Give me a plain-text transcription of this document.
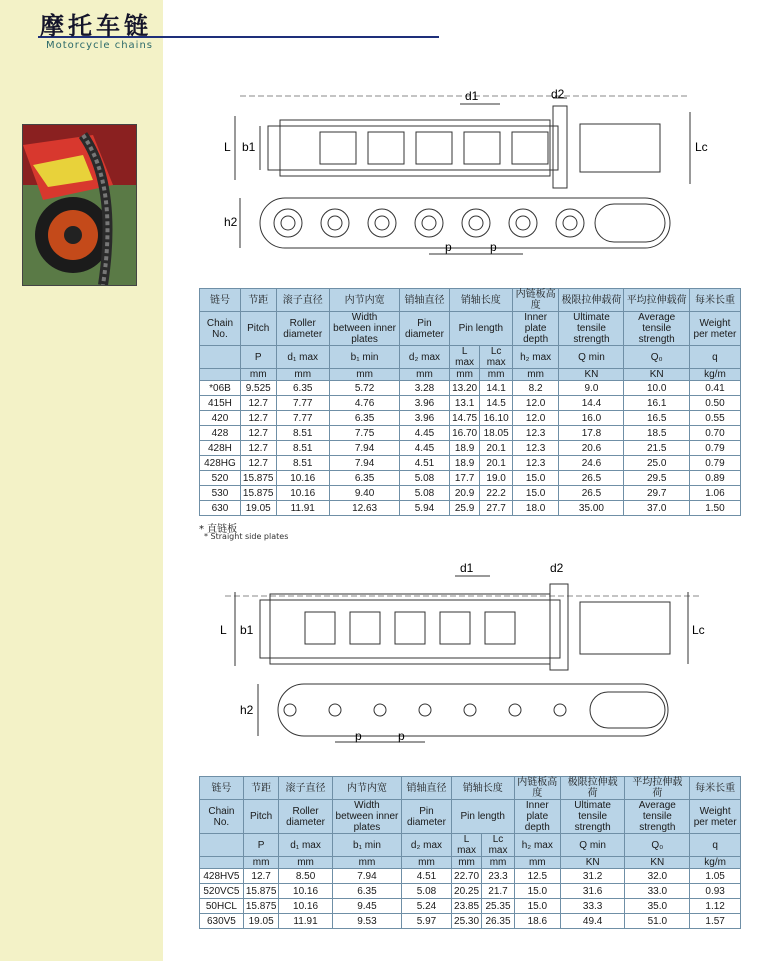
摩托车链
Motorcycle chains
d1	d2
L b1	Lc
h2
p	p
链号	节距	滚子直径	内节内宽	销轴直径	销轴长度		内链板高度	极限拉伸载荷	平均拉伸载荷	每米长重
Chain No.	Pitch	Roller diameter	Width between inner plates	Pin diameter	Pin length		Inner plate depth	Ultimate tensile strength	Average tensile strength	Weight per meter
	P	d₁ max	b₁ min	d₂ max	L max	Lc max	h₂ max	Q min	Q₀	q
	mm	mm	mm	mm	mm	mm	mm	KN	KN	kg/m
*06B	9.525	6.35	5.72	3.28	13.20	14.1	8.2	9.0	10.0	0.41
415H	12.7	7.77	4.76	3.96	13.1	14.5	12.0	14.4	16.1	0.50
420	12.7	7.77	6.35	3.96	14.75	16.10	12.0	16.0	16.5	0.55
428	12.7	8.51	7.75	4.45	16.70	18.05	12.3	17.8	18.5	0.70
428H	12.7	8.51	7.94	4.45	18.9	20.1	12.3	20.6	21.5	0.79
428HG	12.7	8.51	7.94	4.51	18.9	20.1	12.3	24.6	25.0	0.79
520	15.875	10.16	6.35	5.08	17.7	19.0	15.0	26.5	29.5	0.89
530	15.875	10.16	9.40	5.08	20.9	22.2	15.0	26.5	29.7	1.06
630	19.05	11.91	12.63	5.94	25.9	27.7	18.0	35.00	37.0	1.50
* 直链板
* Straight side plates
d1	d2
L b1	Lc
h2
p	p
链号	节距	滚子直径	内节内宽	销轴直径	销轴长度		内链板高度	极限拉伸载荷	平均拉伸载荷	每米长重
Chain No.	Pitch	Roller diameter	Width between inner plates	Pin diameter	Pin length		Inner plate depth	Ultimate tensile strength	Average tensile strength	Weight per meter
	P	d₁ max	b₁ min	d₂ max	L max	Lc max	h₂ max	Q min	Q₀	q
	mm	mm	mm	mm	mm	mm	mm	KN	KN	kg/m
428HV5	12.7	8.50	7.94	4.51	22.70	23.3	12.5	31.2	32.0	1.05
520VC5	15.875	10.16	6.35	5.08	20.25	21.7	15.0	31.6	33.0	0.93
50HCL	15.875	10.16	9.45	5.24	23.85	25.35	15.0	33.3	35.0	1.12
630V5	19.05	11.91	9.53	5.97	25.30	26.35	18.6	49.4	51.0	1.57
